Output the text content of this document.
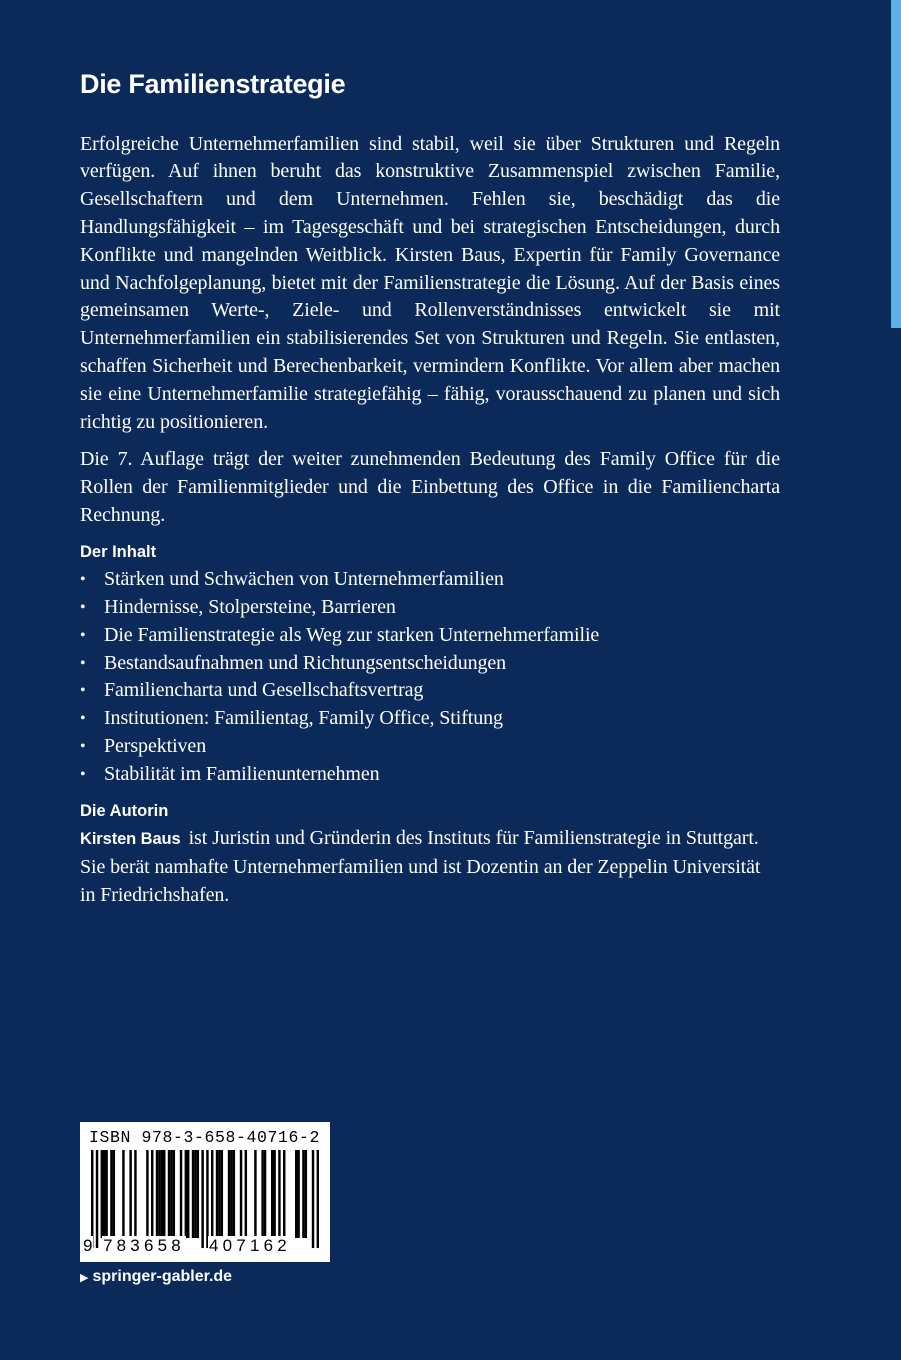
Die Familienstrategie

Erfolgreiche Unternehmerfamilien sind stabil, weil sie über Strukturen und Regeln verfügen. Auf ihnen beruht das konstruktive Zusammenspiel zwischen Familie, Gesellschaftern und dem Unternehmen. Fehlen sie, beschädigt das die Handlungsfähigkeit – im Tagesgeschäft und bei strategischen Entscheidungen, durch Konflikte und mangelnden Weitblick. Kirsten Baus, Expertin für Family Governance und Nachfolgeplanung, bietet mit der Familienstrategie die Lösung. Auf der Basis eines gemeinsamen Werte-, Ziele- und Rollenverständnisses entwickelt sie mit Unternehmerfamilien ein stabilisierendes Set von Strukturen und Regeln. Sie entlasten, schaffen Sicherheit und Berechenbarkeit, vermindern Konflikte. Vor allem aber machen sie eine Unternehmerfamilie strategiefähig – fähig, vorausschauend zu planen und sich richtig zu positionieren.

Die 7. Auflage trägt der weiter zunehmenden Bedeutung des Family Office für die Rollen der Familienmitglieder und die Einbettung des Office in die Familiencharta Rechnung.

Der Inhalt
• Stärken und Schwächen von Unternehmerfamilien
• Hindernisse, Stolpersteine, Barrieren
• Die Familienstrategie als Weg zur starken Unternehmerfamilie
• Bestandsaufnahmen und Richtungsentscheidungen
• Familiencharta und Gesellschaftsvertrag
• Institutionen: Familientag, Family Office, Stiftung
• Perspektiven
• Stabilität im Familienunternehmen
Die Autorin

Kirsten Baus ist Juristin und Gründerin des Instituts für Familienstrategie in Stuttgart. Sie berät namhafte Unternehmerfamilien und ist Dozentin an der Zeppelin Universität in Friedrichshafen.

ISBN 978-3-658-40716-2
9 783658 407162
▶ springer-gabler.de
